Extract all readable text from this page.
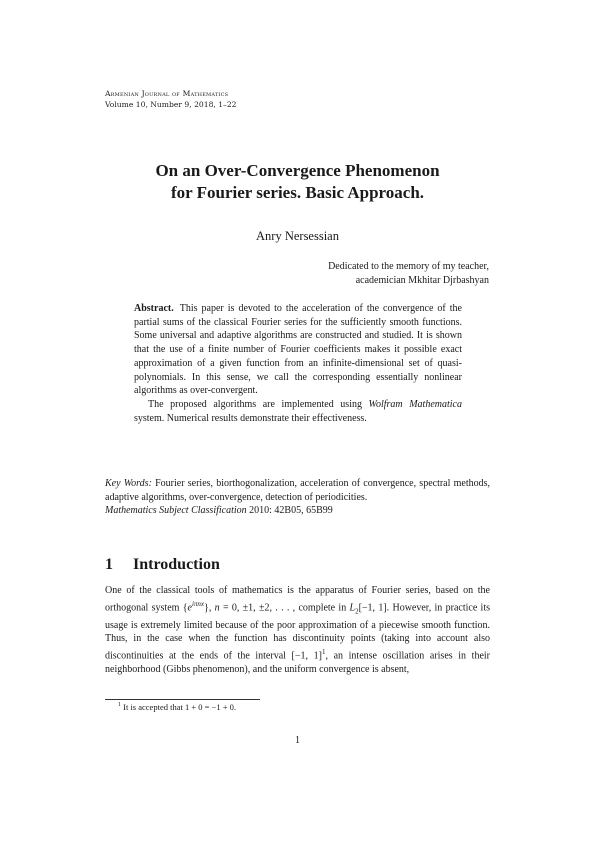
Armenian Journal of Mathematics
Volume 10, Number 9, 2018, 1–22
On an Over-Convergence Phenomenon
for Fourier series. Basic Approach.
Anry Nersessian
Dedicated to the memory of my teacher,
academician Mkhitar Djrbashyan

Abstract. This paper is devoted to the acceleration of the convergence of the partial sums of the classical Fourier series for the sufficiently smooth functions. Some universal and adaptive algorithms are constructed and studied. It is shown that the use of a finite number of Fourier coefficients makes it possible exact approximation of a given function from an infinite-dimensional set of quasi-polynomials. In this sense, we call the corresponding essentially nonlinear algorithms as over-convergent.

The proposed algorithms are implemented using Wolfram Mathematica system. Numerical results demonstrate their effectiveness.

Key Words: Fourier series, biorthogonalization, acceleration of convergence, spectral methods, adaptive algorithms, over-convergence, detection of periodicities.

Mathematics Subject Classification 2010: 42B05, 65B99

1 Introduction

One of the classical tools of mathematics is the apparatus of Fourier series, based on the orthogonal system $\{e^{i\pi nx}\}$, n = 0, ±1, ±2, . . . , complete in $L_2[-1$, 1]. However, in practice its usage is extremely limited because of the poor approximation of a piecewise smooth function. Thus, in the case when the function has discontinuity points (taking into account also discontinuities at the ends of the interval [−1, 1]$^1$, an intense oscillation arises in their neighborhood (Gibbs phenomenon), and the uniform convergence is absent,

$^1$ It is accepted that 1 + 0 = −1 + 0.
1
